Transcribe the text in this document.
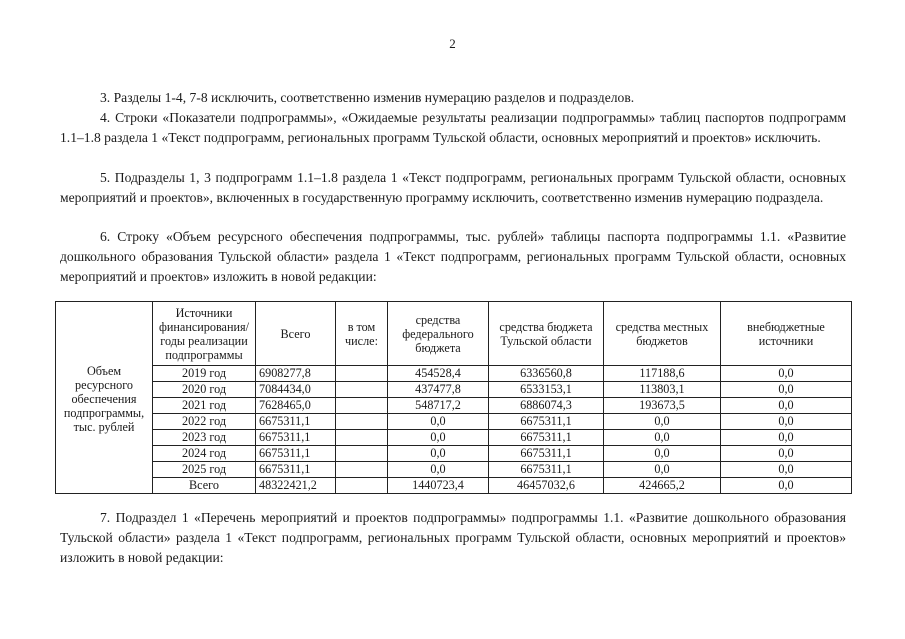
2

3. Разделы 1-4, 7-8 исключить, соответственно изменив нумерацию разделов и подразделов.

4. Строки «Показатели подпрограммы», «Ожидаемые результаты реализации подпрограммы» таблиц паспортов подпрограмм 1.1–1.8 раздела 1 «Текст подпрограмм, региональных программ Тульской области, основных мероприятий и проектов» исключить.

5. Подразделы 1, 3 подпрограмм 1.1–1.8 раздела 1 «Текст подпрограмм, региональных программ Тульской области, основных мероприятий и проектов», включенных в государственную программу исключить, соответственно изменив нумерацию подраздела.

6. Строку «Объем ресурсного обеспечения подпрограммы, тыс. рублей» таблицы паспорта подпрограммы 1.1. «Развитие дошкольного образования Тульской области» раздела 1 «Текст подпрограмм, региональных программ Тульской области, основных мероприятий и проектов» изложить в новой редакции:

Объем ресурсного обеспечения подпрограммы, тыс. рублей	Источники финансирования/ годы реализации подпрограммы	Всего	в том числе:	средства федерального бюджета	средства бюджета Тульской области	средства местных бюджетов	внебюджетные источники
	2019 год	6908277,8		454528,4	6336560,8	117188,6	0,0
	2020 год	7084434,0		437477,8	6533153,1	113803,1	0,0
	2021 год	7628465,0		548717,2	6886074,3	193673,5	0,0
	2022 год	6675311,1		0,0	6675311,1	0,0	0,0
	2023 год	6675311,1		0,0	6675311,1	0,0	0,0
	2024 год	6675311,1		0,0	6675311,1	0,0	0,0
	2025 год	6675311,1		0,0	6675311,1	0,0	0,0
	Всего	48322421,2		1440723,4	46457032,6	424665,2	0,0

7. Подраздел 1 «Перечень мероприятий и проектов подпрограммы» подпрограммы 1.1. «Развитие дошкольного образования Тульской области» раздела 1 «Текст подпрограмм, региональных программ Тульской области, основных мероприятий и проектов» изложить в новой редакции:
